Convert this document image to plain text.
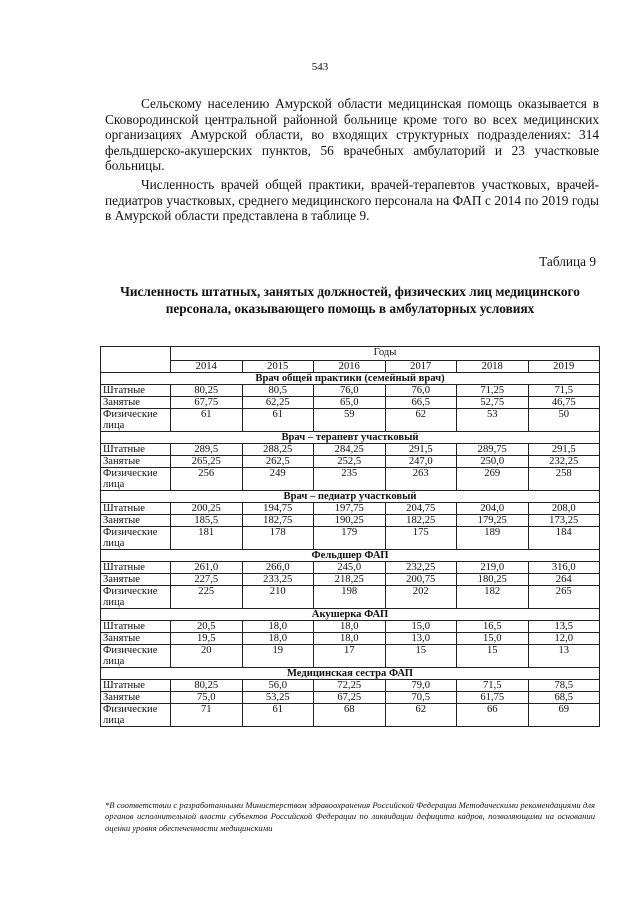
543

Сельскому населению Амурской области медицинская помощь оказывается в Сковородинской центральной районной больнице кроме того во всех медицинских организациях Амурской области, во входящих структурных подразделениях: 314 фельдшерско-акушерских пунктов, 56 врачебных амбулаторий и 23 участковые больницы.

Численность врачей общей практики, врачей-терапевтов участковых, врачей-педиатров участковых, среднего медицинского персонала на ФАП с 2014 по 2019 годы в Амурской области представлена в таблице 9.

Таблица 9
Численность штатных, занятых должностей, физических лиц медицинского персонала, оказывающего помощь в амбулаторных условиях
	Годы					
	2014	2015	2016	2017	2018	2019
Врач общей практики (семейный врач)						
Штатные	80,25	80,5	76,0	76,0	71,25	71,5
Занятые	67,75	62,25	65,0	66,5	52,75	46,75
Физические лица	61	61	59	62	53	50
Врач – терапевт участковый						
Штатные	289,5	288,25	284,25	291,5	289,75	291,5
Занятые	265,25	262,5	252,5	247,0	250,0	232,25
Физические лица	256	249	235	263	269	258
Врач – педиатр участковый						
Штатные	200,25	194,75	197,75	204,75	204,0	208,0
Занятые	185,5	182,75	190,25	182,25	179,25	173,25
Физические лица	181	178	179	175	189	184
Фельдшер ФАП						
Штатные	261,0	266,0	245,0	232,25	219,0	316,0
Занятые	227,5	233,25	218,25	200,75	180,25	264
Физические лица	225	210	198	202	182	265
Акушерка ФАП						
Штатные	20,5	18,0	18,0	15,0	16,5	13,5
Занятые	19,5	18,0	18,0	13,0	15,0	12,0
Физические лица	20	19	17	15	15	13
Медицинская сестра ФАП						
Штатные	80,25	56,0	72,25	79,0	71,5	78,5
Занятые	75,0	53,25	67,25	70,5	61,75	68,5
Физические лица	71	61	68	62	66	69

*В соответствии с разработанными Министерством здравоохранения Российской Федерации Методическими рекомендациями для органов исполнительной власти субъектов Российской Федерации по ликвидации дефицита кадров, позволяющими на основании оценки уровня обеспеченности медицинскими
